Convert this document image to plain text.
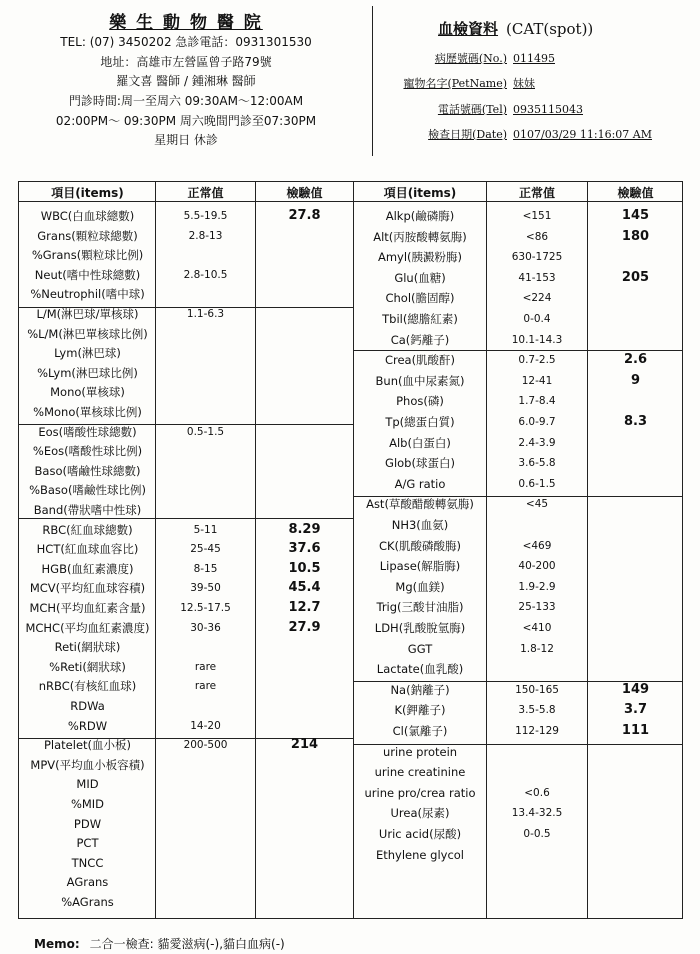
樂 生 動 物 醫 院
TEL: (07) 3450202 急診電話：0931301530
地址：高雄市左營區曾子路79號
羅文喜 醫師 / 鍾湘琳 醫師
門診時間:周一至周六 09:30AM～12:00AM
02:00PM～ 09:30PM 周六晚間門診至07:30PM
星期日 休診
血檢資料 (CAT(spot))
病歷號碼(No.) 011495
寵物名字(PetName) 妹妹
電話號碼(Tel) 0935115043
檢查日期(Date) 0107/03/29 11:16:07 AM
項目(items)	正常值	檢驗值	項目(items)	正常值	檢驗值
WBC(白血球總數)	5.5-19.5	27.8
Grans(顆粒球總數)	2.8-13
%Grans(顆粒球比例)
Neut(嗜中性球總數)	2.8-10.5
%Neutrophil(嗜中球)
L/M(淋巴球/單核球)	1.1-6.3
%L/M(淋巴單核球比例)
Lym(淋巴球)
%Lym(淋巴球比例)
Mono(單核球)
%Mono(單核球比例)
Eos(嗜酸性球總數)	0.5-1.5
%Eos(嗜酸性球比例)
Baso(嗜鹼性球總數)
%Baso(嗜鹼性球比例)
Band(帶狀嗜中性球)
RBC(紅血球總數)	5-11	8.29
HCT(紅血球血容比)	25-45	37.6
HGB(血紅素濃度)	8-15	10.5
MCV(平均紅血球容積)	39-50	45.4
MCH(平均血紅素含量)	12.5-17.5	12.7
MCHC(平均血紅素濃度)	30-36	27.9
Reti(網狀球)
%Reti(網狀球)	rare
nRBC(有核紅血球)	rare
RDWa
%RDW	14-20
Platelet(血小板)	200-500	214
MPV(平均血小板容積)
MID
%MID
PDW
PCT
TNCC
AGrans
%AGrans
Alkp(鹼磷脢)	<151	145
Alt(丙胺酸轉氨脢)	<86	180
Amyl(胰澱粉脢)	630-1725
Glu(血糖)	41-153	205
Chol(膽固醇)	<224
Tbil(總膽紅素)	0-0.4
Ca(鈣離子)	10.1-14.3
Crea(肌酸酐)	0.7-2.5	2.6
Bun(血中尿素氮)	12-41	9
Phos(磷)	1.7-8.4
Tp(總蛋白質)	6.0-9.7	8.3
Alb(白蛋白)	2.4-3.9
Glob(球蛋白)	3.6-5.8
A/G ratio	0.6-1.5
Ast(草酸醋酸轉氨脢)	<45
NH3(血氨)
CK(肌酸磷酸脢)	<469
Lipase(解脂脢)	40-200
Mg(血鎂)	1.9-2.9
Trig(三酸甘油脂)	25-133
LDH(乳酸脫氫脢)	<410
GGT	1.8-12
Lactate(血乳酸)
Na(鈉離子)	150-165	149
K(鉀離子)	3.5-5.8	3.7
Cl(氯離子)	112-129	111
urine protein
urine creatinine
urine pro/crea ratio	<0.6
Urea(尿素)	13.4-32.5
Uric acid(尿酸)	0-0.5
Ethylene glycol
Memo: 二合一檢查: 貓愛滋病(-),貓白血病(-)
